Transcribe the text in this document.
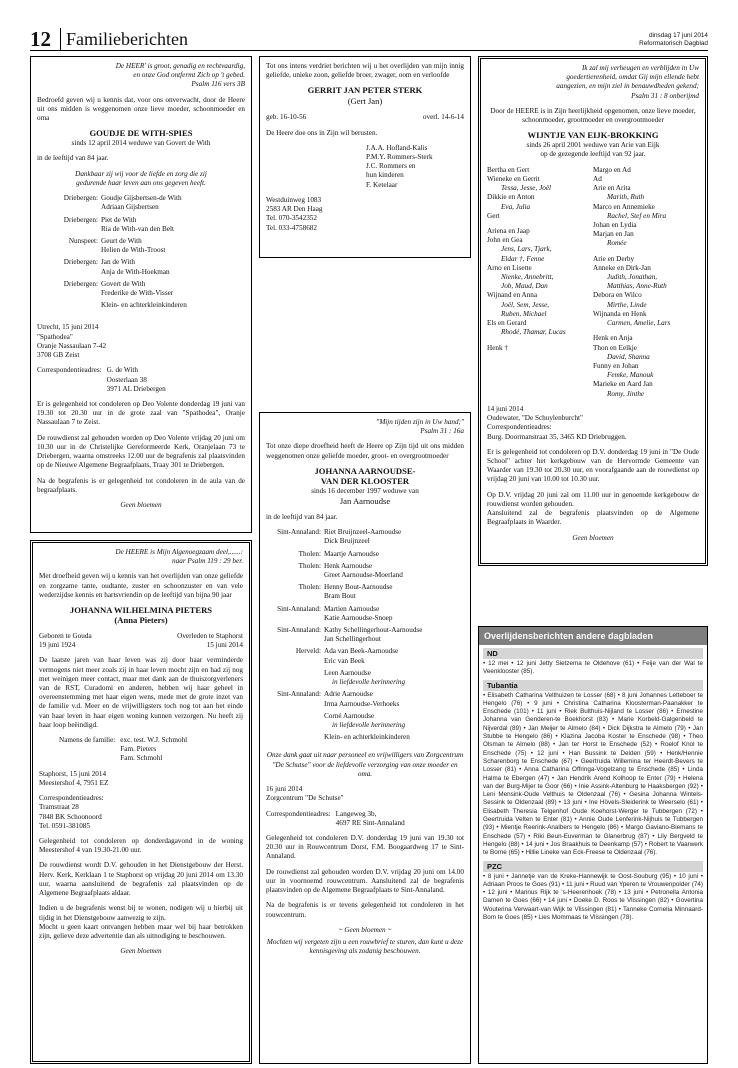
12 Familieberichten	dinsdag 17 juni 2014
Reformatorisch Dagblad
De HEER' is groot, genadig en rechtvaardig,
en onze God ontfermt Zich op 't gebed.
Psalm 116 vers 3B
Bedroefd geven wij u kennis dat, voor ons onverwacht, door de Heere uit ons midden is weggenomen onze lieve moeder, schoonmoeder en oma
GOUDJE DE WITH-SPIES
sinds 12 april 2014 weduwe van Govert de With
in de leeftijd van 84 jaar.
Dankbaar zij wij voor de liefde en zorg die zij
gedurende haar leven aan ons gegeven heeft.
Driebergen: Goudje Gijsbertsen-de With
Adriaan Gijsbertsen
Driebergen: Piet de With
Ria de With-van den Belt
Nunspeet: Geurt de With
Helien de With-Troost
Driebergen: Jan de With
Anja de With-Hoekman
Driebergen: Govert de With
Frederike de With-Visser
Klein- en achterkleinkinderen
Utrecht, 15 juni 2014
"Spathodea"
Oranje Nassaulaan 7-42
3708 GB Zeist
Correspondentieadres: G. de With
Oosterlaan 38
3971 AL Driebergen
Er is gelegenheid tot condoleren op Deo Volente donderdag 19 juni van 19.30 tot 20.30 uur in de grote zaal van "Spathodea", Oranje Nassaulaan 7 te Zeist.
De rouwdienst zal gehouden worden op Deo Volente vrijdag 20 juni om 10.30 uur in de Christelijke Gereformeerde Kerk, Oranjelaan 73 te Driebergen, waarna omstreeks 12.00 uur de begrafenis zal plaatsvinden op de Nieuwe Algemene Begraafplaats, Traay 301 te Driebergen.
Na de begrafenis is er gelegenheid tot condoleren in de aula van de begraafplaats.
Geen bloemen
De HEERE is Mijn Algenoegzaam deel,......:
naar Psalm 119 : 29 ber.
Met droefheid geven wij u kennis van het overlijden van onze geliefde en zorgzame tante, oudtante, zuster en schoonzuster en van vele wederzijdse kennis en hartsvriendin op de leeftijd van bijna 90 jaar
JOHANNA WILHELMINA PIETERS
(Anna Pieters)
Geboren te Gouda
19 juni 1924
Overleden te Staphorst
15 juni 2014
De laatste jaren van haar leven was zij door haar verminderde vermogens niet meer zoals zij in haar leven mocht zijn en had zij nog met weinigen meer contact, maar met dank aan de thuiszorgverleners van de RST, Curadomi en anderen, hebben wij haar geheel in overeenstemming met haar eigen wens, mede met de grote inzet van de familie v.d. Meer en de vrijwilligsters toch nog tot aan het einde van haar leven in haar eigen woning kunnen verzorgen. Nu heeft zij haar loop beëindigd.
Namens de familie: exc. test. W.J. Schmohl
Fam. Pieters
Fam. Schmohl
Staphorst, 15 juni 2014
Meestershof 4, 7951 EZ
Correspondentieadres:
Tramstraat 28
7848 BK Schoonoord
Tel. 0591-381085
Gelegenheid tot condoleren op donderdagavond in de woning Meestershof 4 van 19.30-21.00 uur.
De rouwdienst wordt D.V. gehouden in het Dienstgebouw der Herst. Herv. Kerk, Kerklaan 1 te Staphorst op vrijdag 20 juni 2014 om 13.30 uur, waarna aansluitend de begrafenis zal plaatsvinden op de Algemene Begraafplaats aldaar.
Indien u de begrafenis wenst bij te wonen, nodigen wij u hierbij uit tijdig in het Dienstgebouw aanwezig te zijn.
Mocht u geen kaart ontvangen hebben maar wel bij haar betrokken zijn, gelieve deze advertentie dan als uitnodiging te beschouwen.
Geen bloemen
Tot ons intens verdriet berichten wij u het overlijden van mijn innig geliefde, unieke zoon, geliefde broer, zwager, oom en verloofde
GERRIT JAN PETER STERK
(Gert Jan)
geb. 16-10-56	overl. 14-6-14
De Heere doe ons in Zijn wil berusten.
J.A.A. Hofland-Kalis
P.M.Y. Rommers-Sterk
J.C. Rommers en
hun kinderen
F. Ketelaar
Westduinweg 1083
2583 AR Den Haag
Tel. 070-3542352
Tel. 033-4758682
"Mijn tijden zijn in Uw hand;"
Psalm 31 : 16a
Tot onze diepe droefheid heeft de Heere op Zijn tijd uit ons midden weggenomen onze geliefde moeder, groot- en overgrootmoeder
JOHANNA AARNOUDSE-
VAN DER KLOOSTER
sinds 16 december 1997 weduwe van
Jan Aarnoudse
in de leeftijd van 84 jaar.
Sint-Annaland: Riet Bruijnzeel-Aarnoudse
Dick Bruijnzeel
Tholen: Maartje Aarnoudse
Tholen: Henk Aarnoudse
Greet Aarnoudse-Moerland
Tholen: Henny Bout-Aarnoudse
Bram Bout
Sint-Annaland: Martien Aarnoudse
Katie Aarnoudse-Snoep
Sint-Annaland: Kathy Schellingerhout-Aarnoudse
Jan Schellingerhout
Herveld: Ada van Beek-Aarnoudse
Eric van Beek
Leen Aarnoudse
in liefdevolle herinnering
Sint-Annaland: Adrie Aarnoudse
Irma Aarnoudse-Verhoeks
Corné Aarnoudse
in liefdevolle herinnering
Klein- en achterkleinkinderen
Onze dank gaat uit naar personeel en vrijwilligers van Zorgcentrum "De Schutse" voor de liefdevolle verzorging van onze moeder en oma.
16 juni 2014
Zorgcentrum "De Schutse"
Correspondentieadres: Langeweg 3b,
4697 RE Sint-Annaland
Gelegenheid tot condoleren D.V. donderdag 19 juni van 19.30 tot 20.30 uur in Rouwcentrum Dorst, F.M. Boogaardweg 17 te Sint-Annaland.
De rouwdienst zal gehouden worden D.V. vrijdag 20 juni om 14.00 uur in voornoemd rouwcentrum. Aansluitend zal de begrafenis plaatsvinden op de Algemene Begraafplaats te Sint-Annaland.
Na de begrafenis is er tevens gelegenheid tot condoleren in het rouwcentrum.
~ Geen bloemen ~
Mochten wij vergeten zijn u een rouwbrief te sturen, dan kunt u deze kennisgeving als zodanig beschouwen.
Ik zal mij verheugen en verblijden in Uw
goedertierenheid, omdat Gij mijn ellende hebt
aangezien, en mijn ziel in benauwdheden gekend;
Psalm 31 : 8 onberijmd
Door de HEERE is in Zijn heerlijkheid opgenomen, onze lieve moeder, schoonmoeder, grootmoeder en overgrootmoeder
WIJNTJE VAN EIJK-BROKKING
sinds 26 april 2001 weduwe van Arie van Eijk
op de gezegende leeftijd van 92 jaar.
Bertha en Gert
Wieneke en Gerrit
Tessa, Jesse, Joël
Dikkie en Anton
Eva, Julia
Gert
Ariena en Jaap
John en Gea
Jens, Lars, Tjark,
Eldar †, Fenne
Arno en Lisette
Nienke, Annebritt,
Job, Maud, Dan
Wijnand en Anna
Joël, Sem, Jesse,
Ruben, Michael
Els en Gerard
Rhodé, Thamar, Lucas
Henk †
Margo en Ad
Ad
Arie en Arita
Marith, Ruth
Marco en Annemieke
Rachel, Stef en Mira
Johan en Lydia
Marjan en Jan
Romée
Arie en Derby
Anneke en Dirk-Jan
Judith, Jonathan,
Matthias, Anne-Ruth
Debora en Wilco
Mirthe, Linde
Wijnanda en Henk
Carmen, Amelie, Lars
Henk en Anja
Thon en Eelkje
David, Shanna
Funny en Johan
Femke, Manouk
Marieke en Aard Jan
Romy, Jinthe
14 juni 2014
Oudewater, "De Schuylenburcht"
Correspondentieadres:
Burg. Doormanstraat 35, 3465 KD Driebruggen.
Er is gelegenheid tot condoleren op D.V. donderdag 19 juni in "De Oude School" achter het kerkgebouw van de Hervormde Gemeente van Waarder van 19.30 tot 20.30 uur, en voorafgaande aan de rouwdienst op vrijdag 20 juni van 10.00 tot 10.30 uur.
Op D.V. vrijdag 20 juni zal om 11.00 uur in genoemde kerkgebouw de rouwdienst worden gehouden.
Aansluitend zal de begrafenis plaatsvinden op de Algemene Begraafplaats in Waarder.
Geen bloemen
Overlijdensberichten andere dagbladen
ND
• 12 mei • 12 juni Jetty Sietzema te Oldehove (61) • Feije van der Wal te Veenklooster (85).
Tubantia
• Elisabeth Catharina Velthuizen te Losser (68) • 8 juni Johannes Letteboer te Hengelo (76) • 9 juni • Christina Catharina Kloosterman-Paanakker te Enschede (101) • 11 juni • Riek Bulthuis-Nijland te Losser (86) • Ernestine Johanna van Genderen-te Boekhorst (83) • Marie Korbeld-Galgenbeld te Nijverdal (89) • Jan Meijer te Almelo (84) • Dick Dijkstra te Almelo (79) • Jan Stubbe te Hengelo (86) • Klazina Jacoba Koster te Enschede (98) • Theo Olsman te Almelo (88) • Jan ter Horst te Enschede (52) • Roelof Knol te Enschede (75) • 12 juni • Han Bussink te Delden (59) • Henk/Hennie Scharenborg te Enschede (67) • Geertruida Willemina ter Heerdt-Bevers te Losser (81) • Anna Catharina Offringa-Vogelzang te Enschede (85) • Linda Halma te Ebergen (47) • Jan Hendrik Arend Kolhoop te Enter (79) • Helena van der Burg-Mijer te Goor (66) • Inie Assink-Altenburg te Haaksbergen (92) • Leni Mensink-Oude Velthuis te Oldenzaal (76) • Gesina Johanna Wintels-Sessink te Oldenzaal (89) • 13 juni • Ine Hövels-Sleiderink te Weerselo (61) • Elisabeth Theresia Telgenhof Oude Koehorst-Werger te Tubbergen (72) • Geertruida Velten te Enter (81) • Annie Oude Lenferink-Nijhuis te Tubbergen (93) • Mientje Reerink-Analbers te Hengelo (86) • Margo Gaviano-Biemans te Enschede (57) • Riki Beun-Euverman te Glanerbrug (87) • Lily Bergveld te Hengelo (88) • 14 juni • Jos Braakhuis te Deenkamp (57) • Robert te Vaarwerk te Borne (65) • Hillie Lineke van Eck-Freese te Oldenzaal (76).
PZC
• 8 juni • Jannetje van de Kreke-Hannewijk te Oost-Souburg (95) • 10 juni • Adriaan Proos te Goes (91) • 11 juni • Ruud van Yperen te Vrouwenpolder (74) • 12 juni • Marinus Rijk te 's-Heerenhoek (78) • 13 juni • Petronella Antonia Damen te Goes (66) • 14 juni • Doeke D. Roos te Vlissingen (82) • Govertina Wouterina Verwaart-van Wijk te Vlissingen (81) • Tanneke Cornelia Minnaard-Bom te Goes (85) • Lies Mommaas te Vlissingen (78).
